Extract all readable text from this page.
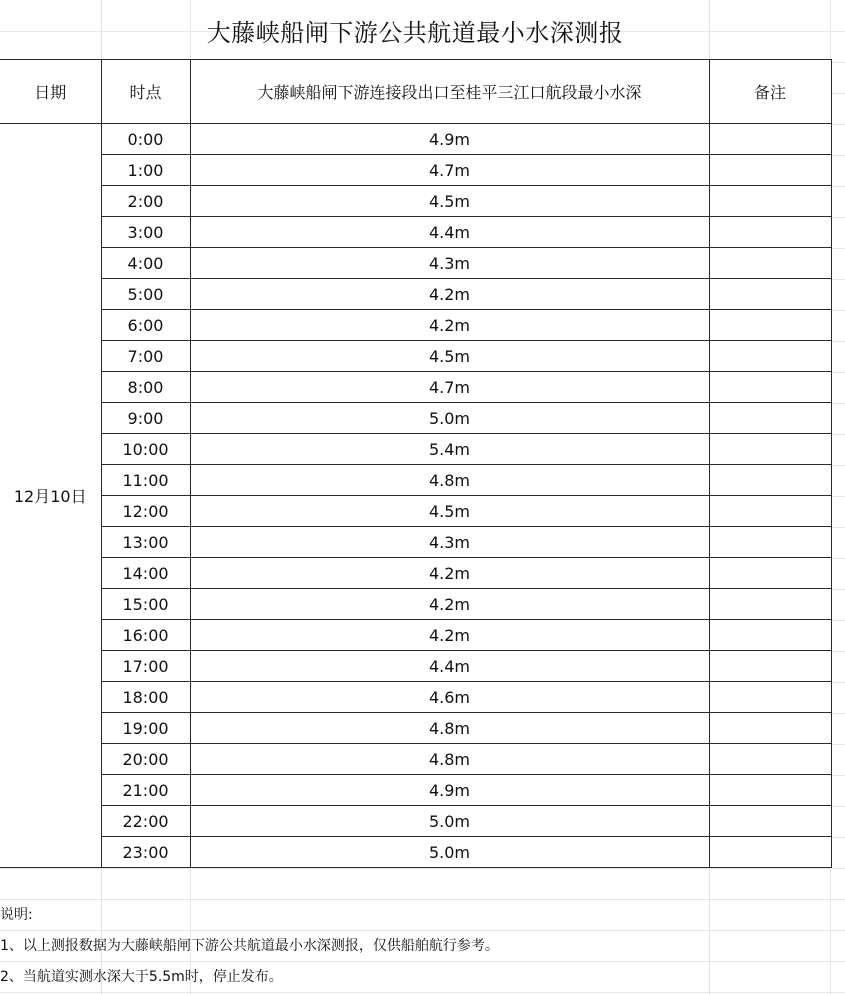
大藤峡船闸下游公共航道最小水深测报
日期	时点	大藤峡船闸下游连接段出口至桂平三江口航段最小水深	备注
12月10日	0:00	4.9m	
	1:00	4.7m	
	2:00	4.5m	
	3:00	4.4m	
	4:00	4.3m	
	5:00	4.2m	
	6:00	4.2m	
	7:00	4.5m	
	8:00	4.7m	
	9:00	5.0m	
	10:00	5.4m	
	11:00	4.8m	
	12:00	4.5m	
	13:00	4.3m	
	14:00	4.2m	
	15:00	4.2m	
	16:00	4.2m	
	17:00	4.4m	
	18:00	4.6m	
	19:00	4.8m	
	20:00	4.8m	
	21:00	4.9m	
	22:00	5.0m	
	23:00	5.0m	
说明:
1、以上测报数据为大藤峡船闸下游公共航道最小水深测报，仅供船舶航行参考。
2、当航道实测水深大于5.5m时，停止发布。
